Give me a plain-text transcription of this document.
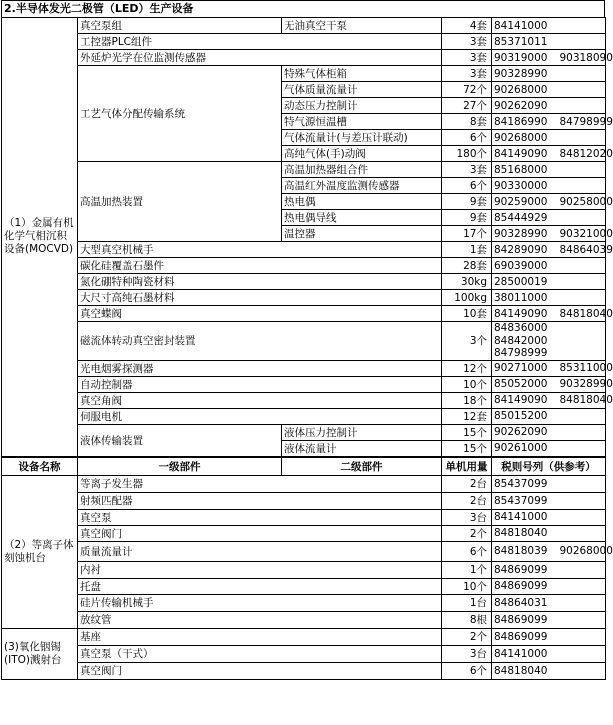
2.半导体发光二极管（LED）生产设备
（1）金属有机化学气相沉积设备(MOCVD)	真空泵组	无油真空干泵	4套	84141000

	工控器PLC组件		3套	85371011

	外延炉光学在位监测传感器		3套	90319000 90318090

	工艺气体分配传输系统	特殊气体柜箱	3套	90328990

		气体质量流量计	72个	90268000

		动态压力控制计	27个	90262090

		特气源恒温槽	8套	84186990 84798999

		气体流量计(与差压计联动)	6个	90268000

		高纯气体(手)动阀	180个	84149090 84812020

	高温加热装置	高温加热器组合件	3套	85168000

		高温红外温度监测传感器	6个	90330000

		热电偶	9套	90259000 90258000

		热电偶导线	9套	85444929

		温控器	17个	90328990 90321000

	大型真空机械手		1套	84289090 84864039

	碳化硅覆盖石墨件		28套	69039000

	氮化硼特种陶瓷材料		30kg	28500019

	大尺寸高纯石墨材料		100kg	38011000

	真空蝶阀		10套	84149090 84818040

	磁流体转动真空密封装置		3个	84836000
84842000
84798999

	光电烟雾探测器		12个	90271000 85311000

	自动控制器		10个	85052000 90328990

	真空角阀		18个	84149090 84818040

	伺服电机		12套	85015200

	液体传输装置	液体压力控制计	15个	90262090

		液体流量计	15个	90261000
设备名称	一级部件	二级部件	单机用量	税则号列（供参考）
（2）等离子体刻蚀机台	等离子发生器		2台	85437099

	射频匹配器		2台	85437099

	真空泵		3台	84141000

	真空阀门		2个	84818040

	质量流量计		6个	84818039 90268000

	内衬		1个	84869099

	托盘		10个	84869099

	硅片传输机械手		1台	84864031

	放纹管		8根	84869099

(3)氧化铟锡(ITO)溅射台	基座		2个	84869099

	真空泵（干式）		3台	84141000

	真空阀门		6个	84818040
